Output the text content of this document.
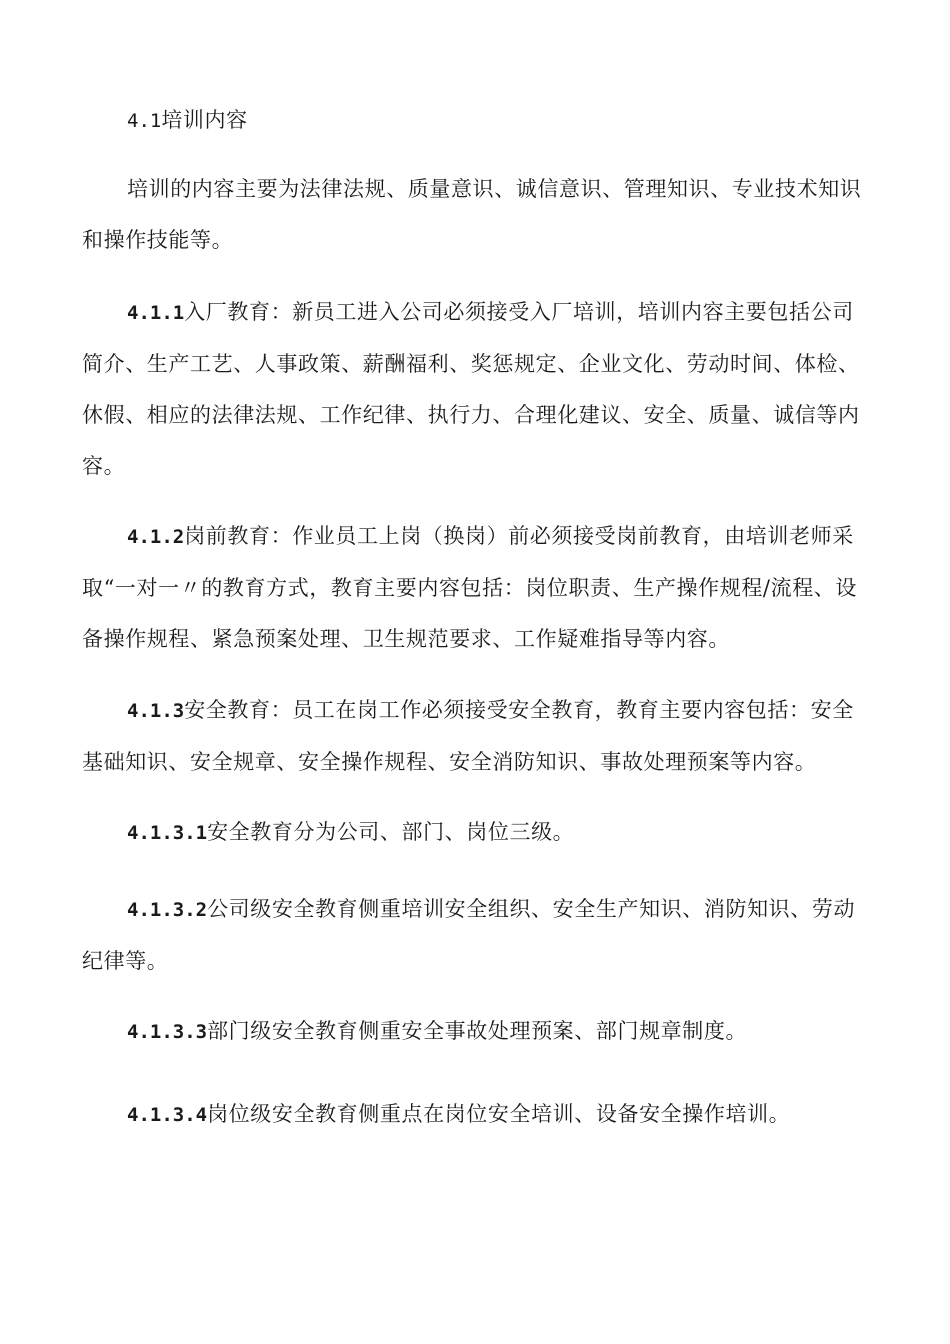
4.1培训内容

培训的内容主要为法律法规、质量意识、诚信意识、管理知识、专业技术知识和操作技能等。

4.1.1入厂教育：新员工进入公司必须接受入厂培训，培训内容主要包括公司简介、生产工艺、人事政策、薪酬福利、奖惩规定、企业文化、劳动时间、体检、休假、相应的法律法规、工作纪律、执行力、合理化建议、安全、质量、诚信等内容。

4.1.2岗前教育：作业员工上岗（换岗）前必须接受岗前教育，由培训老师采取“一对一〃的教育方式，教育主要内容包括：岗位职责、生产操作规程/流程、设备操作规程、紧急预案处理、卫生规范要求、工作疑难指导等内容。

4.1.3安全教育：员工在岗工作必须接受安全教育，教育主要内容包括：安全基础知识、安全规章、安全操作规程、安全消防知识、事故处理预案等内容。

4.1.3.1安全教育分为公司、部门、岗位三级。

4.1.3.2公司级安全教育侧重培训安全组织、安全生产知识、消防知识、劳动纪律等。

4.1.3.3部门级安全教育侧重安全事故处理预案、部门规章制度。

4.1.3.4岗位级安全教育侧重点在岗位安全培训、设备安全操作培训。
